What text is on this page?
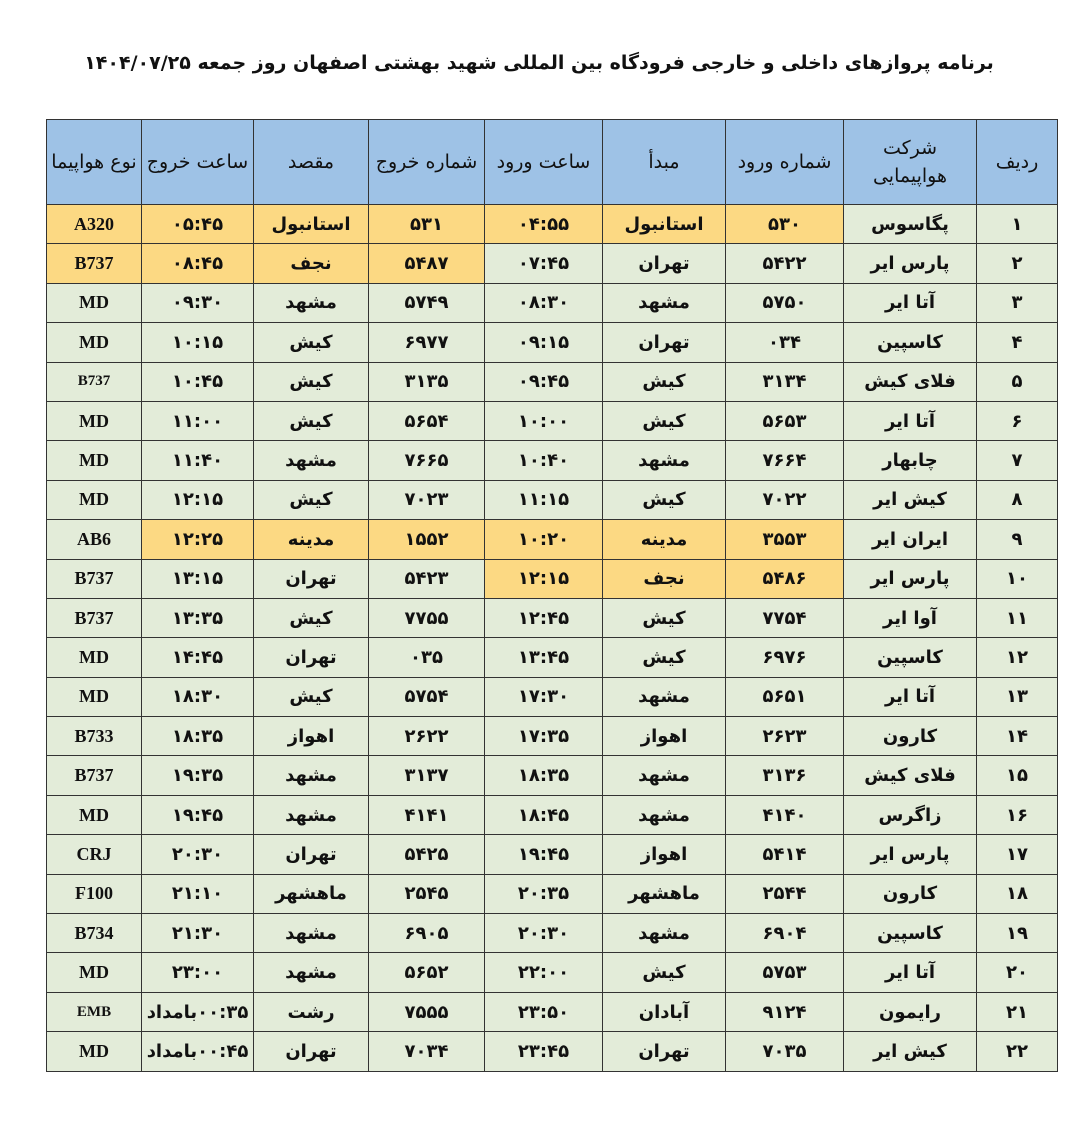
برنامه پروازهای داخلی و خارجی فرودگاه بین المللی شهید بهشتی اصفهان روز جمعه ۱۴۰۴/۰۷/۲۵
ردیف	شرکت هواپیمایی	شماره ورود	مبدأ	ساعت ورود	شماره خروج	مقصد	ساعت خروج	نوع هواپیما
۱	پگاسوس	۵۳۰	استانبول	۰۴:۵۵	۵۳۱	استانبول	۰۵:۴۵	A320
۲	پارس ایر	۵۴۲۲	تهران	۰۷:۴۵	۵۴۸۷	نجف	۰۸:۴۵	B737
۳	آتا ایر	۵۷۵۰	مشهد	۰۸:۳۰	۵۷۴۹	مشهد	۰۹:۳۰	MD
۴	کاسپین	۰۳۴	تهران	۰۹:۱۵	۶۹۷۷	کیش	۱۰:۱۵	MD
۵	فلای کیش	۳۱۳۴	کیش	۰۹:۴۵	۳۱۳۵	کیش	۱۰:۴۵	B737
۶	آتا ایر	۵۶۵۳	کیش	۱۰:۰۰	۵۶۵۴	کیش	۱۱:۰۰	MD
۷	چابهار	۷۶۶۴	مشهد	۱۰:۴۰	۷۶۶۵	مشهد	۱۱:۴۰	MD
۸	کیش ایر	۷۰۲۲	کیش	۱۱:۱۵	۷۰۲۳	کیش	۱۲:۱۵	MD
۹	ایران ایر	۳۵۵۳	مدینه	۱۰:۲۰	۱۵۵۲	مدینه	۱۲:۲۵	AB6
۱۰	پارس ایر	۵۴۸۶	نجف	۱۲:۱۵	۵۴۲۳	تهران	۱۳:۱۵	B737
۱۱	آوا ایر	۷۷۵۴	کیش	۱۲:۴۵	۷۷۵۵	کیش	۱۳:۳۵	B737
۱۲	کاسپین	۶۹۷۶	کیش	۱۳:۴۵	۰۳۵	تهران	۱۴:۴۵	MD
۱۳	آتا ایر	۵۶۵۱	مشهد	۱۷:۳۰	۵۷۵۴	کیش	۱۸:۳۰	MD
۱۴	کارون	۲۶۲۳	اهواز	۱۷:۳۵	۲۶۲۲	اهواز	۱۸:۳۵	B733
۱۵	فلای کیش	۳۱۳۶	مشهد	۱۸:۳۵	۳۱۳۷	مشهد	۱۹:۳۵	B737
۱۶	زاگرس	۴۱۴۰	مشهد	۱۸:۴۵	۴۱۴۱	مشهد	۱۹:۴۵	MD
۱۷	پارس ایر	۵۴۱۴	اهواز	۱۹:۴۵	۵۴۲۵	تهران	۲۰:۳۰	CRJ
۱۸	کارون	۲۵۴۴	ماهشهر	۲۰:۳۵	۲۵۴۵	ماهشهر	۲۱:۱۰	F100
۱۹	کاسپین	۶۹۰۴	مشهد	۲۰:۳۰	۶۹۰۵	مشهد	۲۱:۳۰	B734
۲۰	آتا ایر	۵۷۵۳	کیش	۲۲:۰۰	۵۶۵۲	مشهد	۲۳:۰۰	MD
۲۱	رایمون	۹۱۲۴	آبادان	۲۳:۵۰	۷۵۵۵	رشت	۰۰:۳۵بامداد	EMB
۲۲	کیش ایر	۷۰۳۵	تهران	۲۳:۴۵	۷۰۳۴	تهران	۰۰:۴۵بامداد	MD
